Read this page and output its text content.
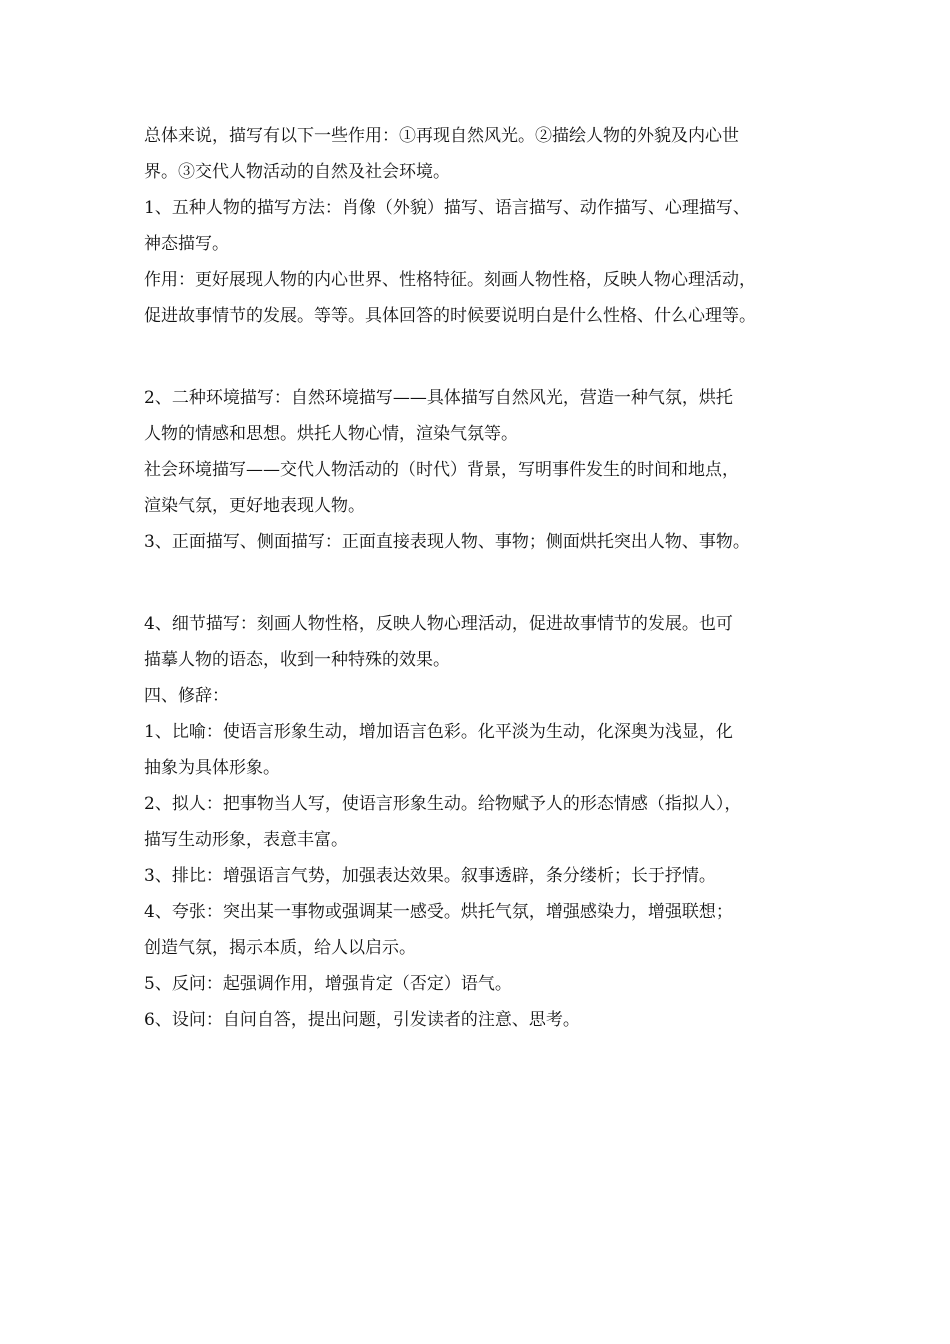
总体来说，描写有以下一些作用：①再现自然风光。②描绘人物的外貌及内心世
界。③交代人物活动的自然及社会环境。
1、五种人物的描写方法：肖像（外貌）描写、语言描写、动作描写、心理描写、
神态描写。
作用：更好展现人物的内心世界、性格特征。刻画人物性格，反映人物心理活动，
促进故事情节的发展。等等。具体回答的时候要说明白是什么性格、什么心理等。
2、二种环境描写：自然环境描写——具体描写自然风光，营造一种气氛，烘托
人物的情感和思想。烘托人物心情，渲染气氛等。
社会环境描写——交代人物活动的（时代）背景，写明事件发生的时间和地点，
渲染气氛，更好地表现人物。
3、正面描写、侧面描写：正面直接表现人物、事物；侧面烘托突出人物、事物。
4、细节描写：刻画人物性格，反映人物心理活动，促进故事情节的发展。也可
描摹人物的语态，收到一种特殊的效果。
四、修辞：
1、比喻：使语言形象生动，增加语言色彩。化平淡为生动，化深奥为浅显，化
抽象为具体形象。
2、拟人：把事物当人写，使语言形象生动。给物赋予人的形态情感（指拟人），
描写生动形象，表意丰富。
3、排比：增强语言气势，加强表达效果。叙事透辟，条分缕析；长于抒情。
4、夸张：突出某一事物或强调某一感受。烘托气氛，增强感染力，增强联想；
创造气氛，揭示本质，给人以启示。
5、反问：起强调作用，增强肯定（否定）语气。
6、设问：自问自答，提出问题，引发读者的注意、思考。
